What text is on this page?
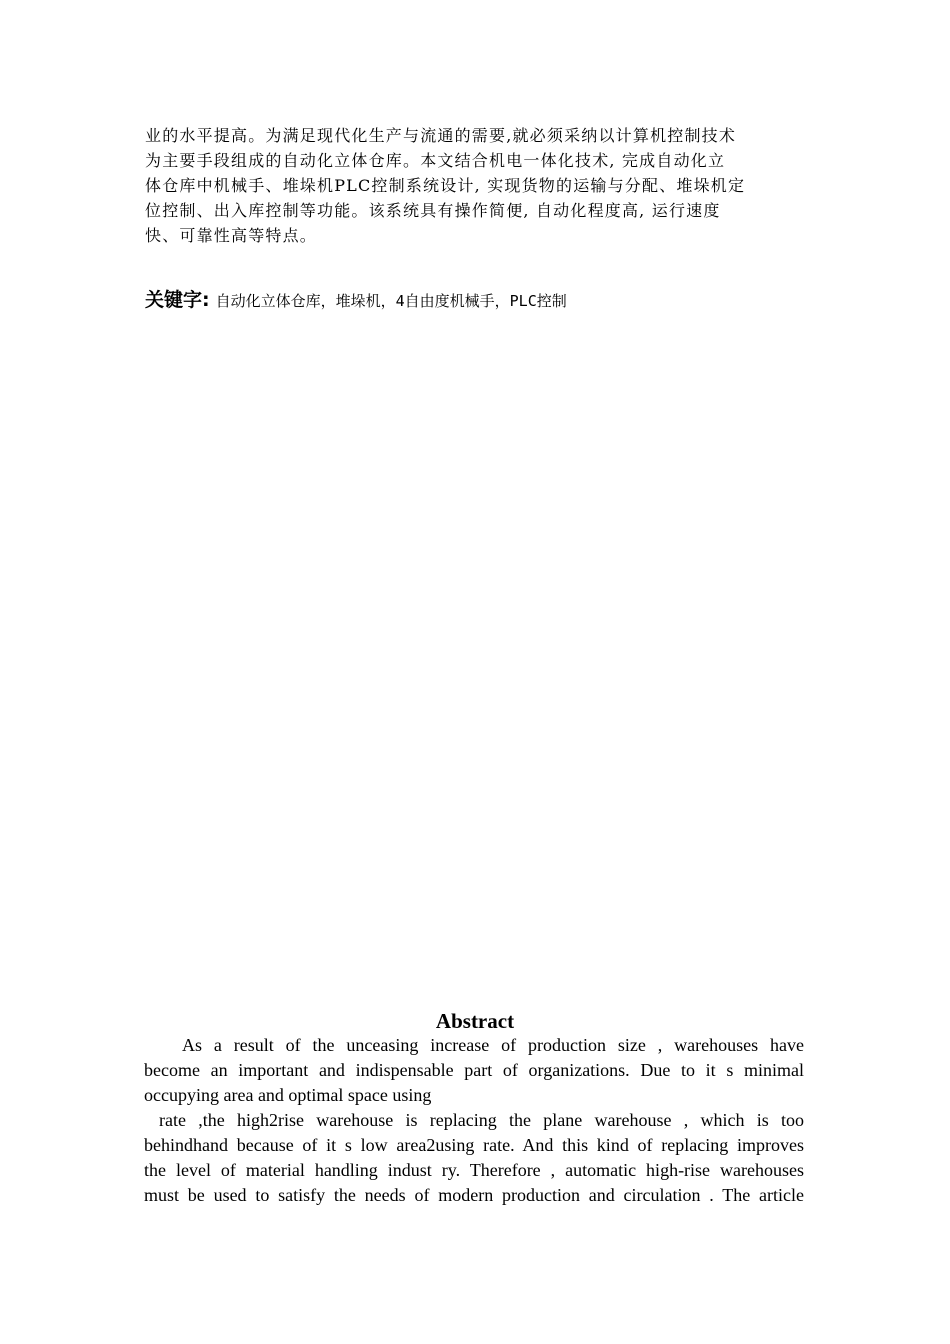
业的水平提高。为满足现代化生产与流通的需要,就必须采纳以计算机控制技术
为主要手段组成的自动化立体仓库。本文结合机电一体化技术, 完成自动化立
体仓库中机械手、堆垛机PLC控制系统设计, 实现货物的运输与分配、堆垛机定
位控制、出入库控制等功能。该系统具有操作简便, 自动化程度高, 运行速度
快、可靠性高等特点。
关键字: 自动化立体仓库，堆垛机，4自由度机械手，PLC控制
Abstract
As a result of the unceasing increase of production size , warehouses have
become an important and indispensable part of organizations. Due to it s minimal
occupying area and optimal space using
rate ,the high2rise warehouse is replacing the plane warehouse , which is too
behindhand because of it s low area2using rate. And this kind of replacing improves
the level of material handling indust ry. Therefore , automatic high-rise warehouses
must be used to satisfy the needs of modern production and circulation . The article
